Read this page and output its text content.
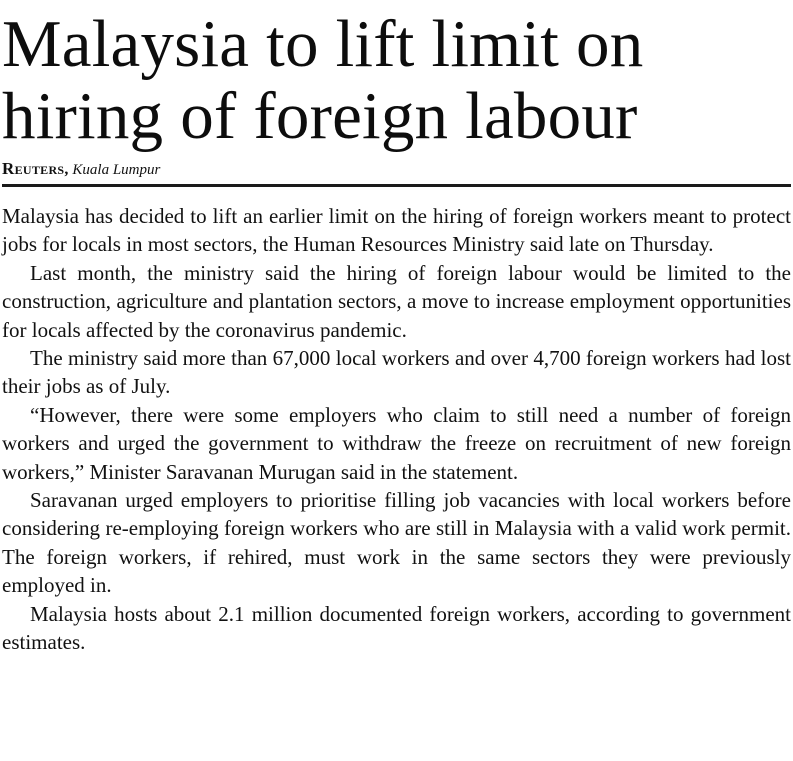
Malaysia to lift limit on hiring of foreign labour
Reuters, Kuala Lumpur

Malaysia has decided to lift an earlier limit on the hiring of foreign workers meant to protect jobs for locals in most sectors, the Human Resources Ministry said late on Thursday.

Last month, the ministry said the hiring of foreign labour would be limited to the construction, agriculture and plantation sectors, a move to increase employment opportunities for locals affected by the coronavirus pandemic.

The ministry said more than 67,000 local workers and over 4,700 foreign workers had lost their jobs as of July.

“However, there were some employers who claim to still need a number of foreign workers and urged the government to withdraw the freeze on recruitment of new foreign workers,” Minister Saravanan Murugan said in the statement.

Saravanan urged employers to prioritise filling job vacancies with local workers before considering re-employing foreign workers who are still in Malaysia with a valid work permit. The foreign workers, if rehired, must work in the same sectors they were previously employed in.

Malaysia hosts about 2.1 million documented foreign workers, according to government estimates.
